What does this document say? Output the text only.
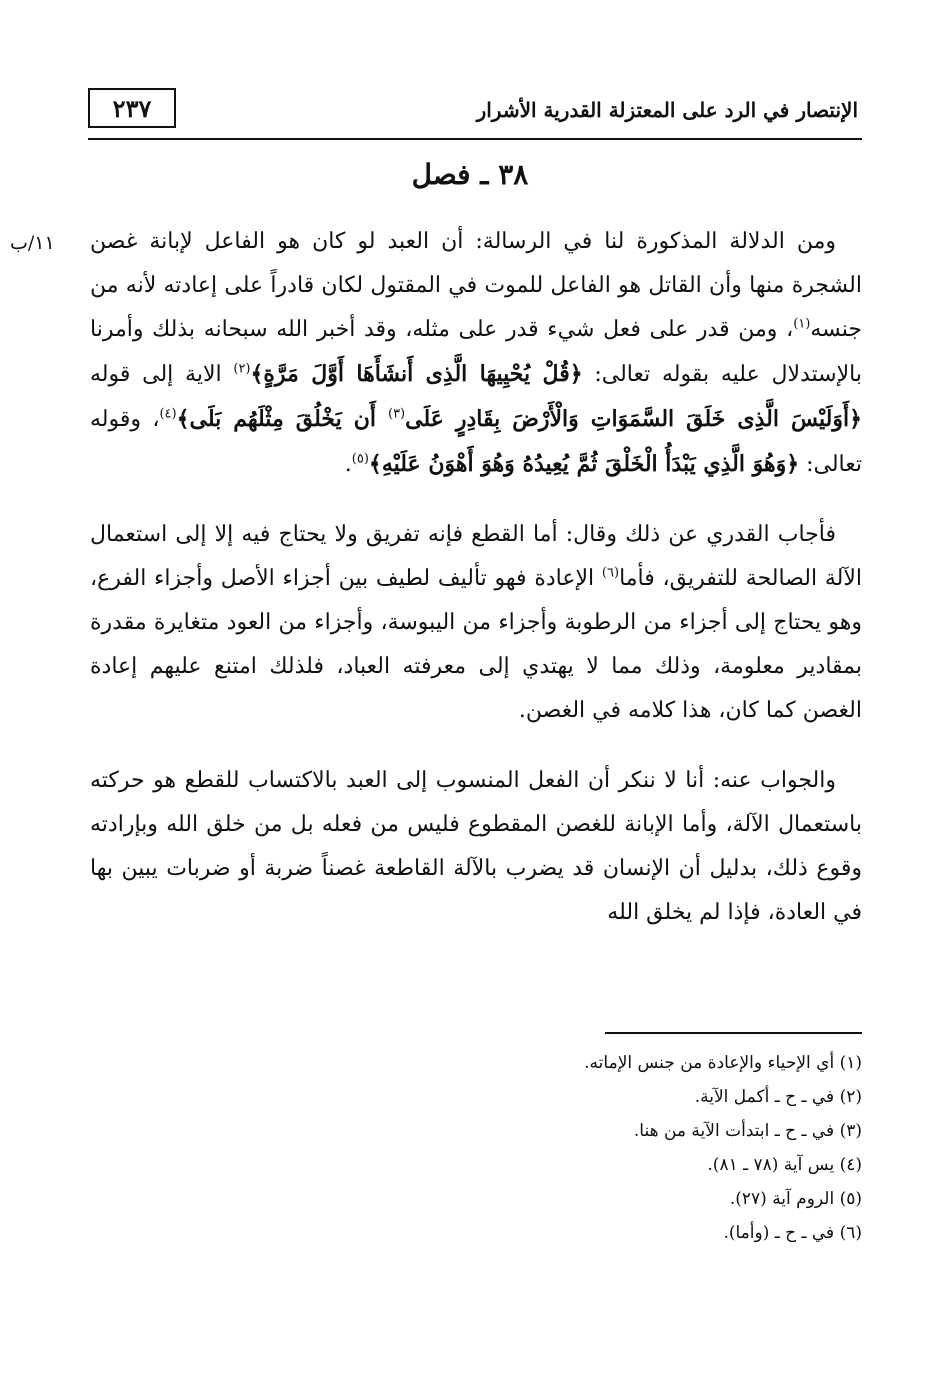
٢٣٧	الإنتصار في الرد على المعتزلة القدرية الأشرار
٣٨ ـ فصل
١١/ب ومن الدلالة المذكورة لنا في الرسالة: أن العبد لو كان هو الفاعل لإبانة غصن الشجرة منها وأن القاتل هو الفاعل للموت في المقتول لكان قادراً على إعادته لأنه من جنسه$^{(١)}$، ومن قدر على فعل شيء قدر على مثله، وقد أخبر الله سبحانه بذلك وأمرنا بالإستدلال عليه بقوله تعالى: ﴿قُلْ يُحْيِيهَا الَّذِى أَنشَأَهَا أَوَّلَ مَرَّةٍ﴾$^{(٢)}$ الاية إلى قوله ﴿أَوَلَيْسَ الَّذِى خَلَقَ السَّمَوَاتِ وَالْأَرْضَ بِقَادِرٍ عَلَى$^{(٣)}$ أَن يَخْلُقَ مِثْلَهُم بَلَى﴾$^{(٤)}$، وقوله تعالى: ﴿وَهُوَ الَّذِي يَبْدَأُ الْخَلْقَ ثُمَّ يُعِيدُهُ وَهُوَ أَهْوَنُ عَلَيْهِ﴾$^{(٥)}$.

فأجاب القدري عن ذلك وقال: أما القطع فإنه تفريق ولا يحتاج فيه إلا إلى استعمال الآلة الصالحة للتفريق، فأما$^{(٦)}$ الإعادة فهو تأليف لطيف بين أجزاء الأصل وأجزاء الفرع، وهو يحتاج إلى أجزاء من الرطوبة وأجزاء من اليبوسة، وأجزاء من العود متغايرة مقدرة بمقادير معلومة، وذلك مما لا يهتدي إلى معرفته العباد، فلذلك امتنع عليهم إعادة الغصن كما كان، هذا كلامه في الغصن.

والجواب عنه: أنا لا ننكر أن الفعل المنسوب إلى العبد بالاكتساب للقطع هو حركته باستعمال الآلة، وأما الإبانة للغصن المقطوع فليس من فعله بل من خلق الله وبإرادته وقوع ذلك، بدليل أن الإنسان قد يضرب بالآلة القاطعة غصناً ضربة أو ضربات يبين بها في العادة، فإذا لم يخلق الله

(١) أي الإحياء والإعادة من جنس الإماته.
(٢) في ـ ح ـ أكمل الآية.
(٣) في ـ ح ـ ابتدأت الآية من هنا.
(٤) يس آية (٧٨ ـ ٨١).
(٥) الروم آية (٢٧).
(٦) في ـ ح ـ (وأما).
